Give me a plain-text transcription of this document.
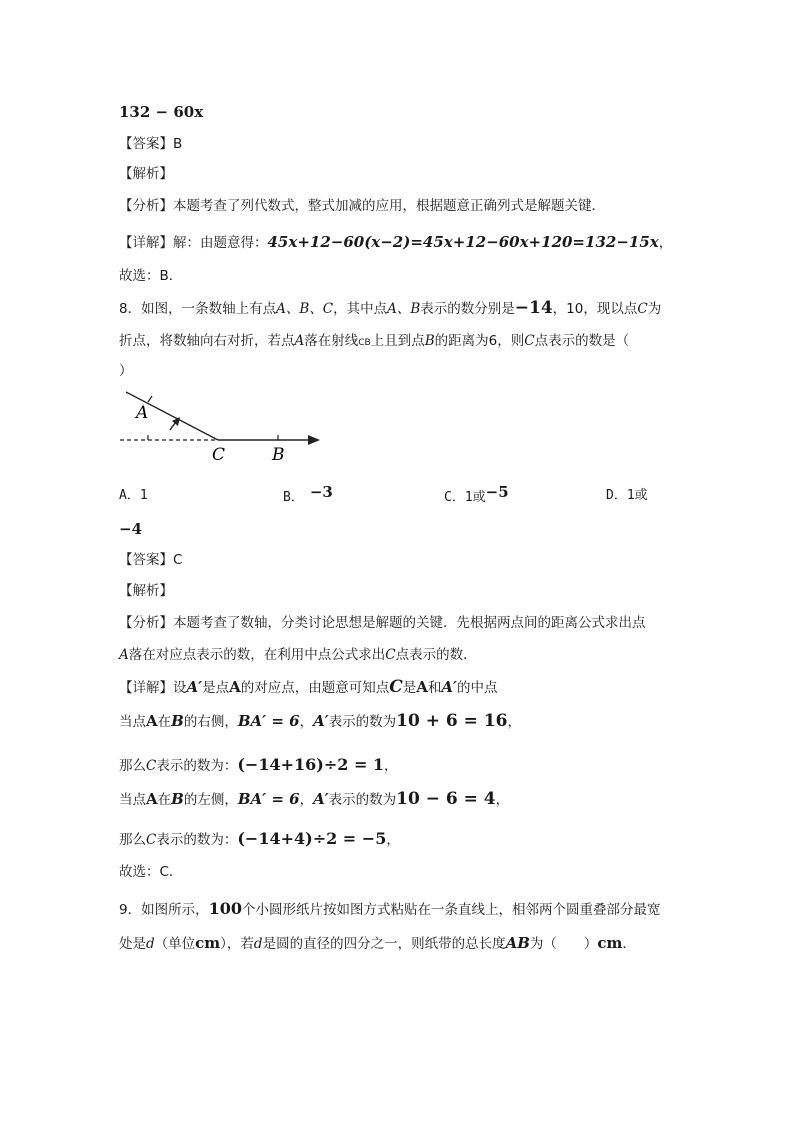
132 − 60x
【答案】B
【解析】
【分析】本题考查了列代数式，整式加减的应用，根据题意正确列式是解题关键．
【详解】解：由题意得：45x+12−60(x−2)=45x+12−60x+120=132−15x，
故选：B．
8．如图，一条数轴上有点A、B、C，其中点A、B表示的数分别是−14，10，现以点C为
折点，将数轴向右对折，若点A落在射线CB上且到点B的距离为6，则C点表示的数是（
）
A
C	B
A．1	B． −3	C．1或−5	D．1或
−4
【答案】C
【解析】
【分析】本题考查了数轴，分类讨论思想是解题的关键．先根据两点间的距离公式求出点
A落在对应点表示的数，在利用中点公式求出C点表示的数．
【详解】设A′是点A的对应点，由题意可知点C是A和A′的中点
当点A在B的右侧，BA′ = 6，A′表示的数为10 + 6 = 16，
那么C表示的数为：(−14+16)÷2 = 1，
当点A在B的左侧，BA′ = 6，A′表示的数为10 − 6 = 4，
那么C表示的数为：(−14+4)÷2 = −5，
故选：C．
9．如图所示，100个小圆形纸片按如图方式粘贴在一条直线上，相邻两个圆重叠部分最宽
处是d（单位cm），若d是圆的直径的四分之一，则纸带的总长度AB为（　　）cm．
